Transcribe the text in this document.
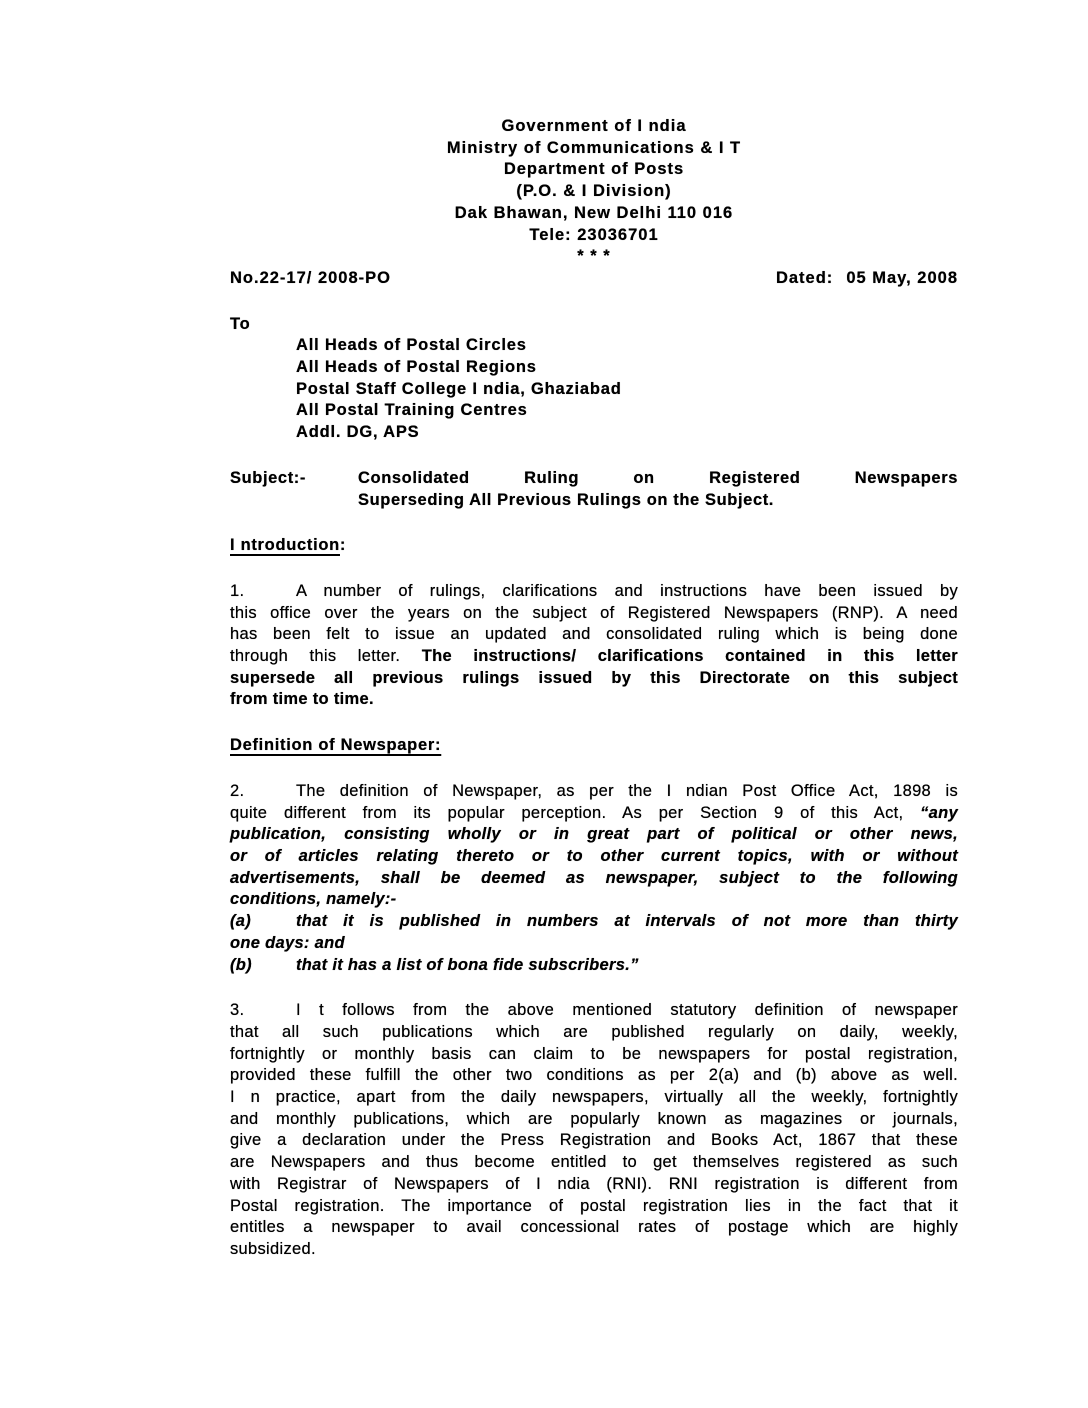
Government of I ndia
Ministry of Communications & I T
Department of Posts
(P.O. & I Division)
Dak Bhawan, New Delhi 110 016
Tele: 23036701
* * *
No.22-17/ 2008-PO	Dated: 05 May, 2008
To
All Heads of Postal Circles
All Heads of Postal Regions
Postal Staff College I ndia, Ghaziabad
All Postal Training Centres
Addl. DG, APS
Subject:-	Consolidated Ruling on Registered Newspapers
Superseding All Previous Rulings on the Subject.
I ntroduction:
1.	A number of rulings, clarifications and instructions have been issued by
this office over the years on the subject of Registered Newspapers (RNP). A need
has been felt to issue an updated and consolidated ruling which is being done
through this letter. The instructions/ clarifications contained in this letter
supersede all previous rulings issued by this Directorate on this subject
from time to time.
Definition of Newspaper:
2.	The definition of Newspaper, as per the I ndian Post Office Act, 1898 is
quite different from its popular perception. As per Section 9 of this Act, “any
publication, consisting wholly or in great part of political or other news,
or of articles relating thereto or to other current topics, with or without
advertisements, shall be deemed as newspaper, subject to the following
conditions, namely:-
(a)	that it is published in numbers at intervals of not more than thirty
one days: and
(b)	that it has a list of bona fide subscribers.”
3.	I t follows from the above mentioned statutory definition of newspaper
that all such publications which are published regularly on daily, weekly,
fortnightly or monthly basis can claim to be newspapers for postal registration,
provided these fulfill the other two conditions as per 2(a) and (b) above as well.
I n practice, apart from the daily newspapers, virtually all the weekly, fortnightly
and monthly publications, which are popularly known as magazines or journals,
give a declaration under the Press Registration and Books Act, 1867 that these
are Newspapers and thus become entitled to get themselves registered as such
with Registrar of Newspapers of I ndia (RNI). RNI registration is different from
Postal registration. The importance of postal registration lies in the fact that it
entitles a newspaper to avail concessional rates of postage which are highly
subsidized.
